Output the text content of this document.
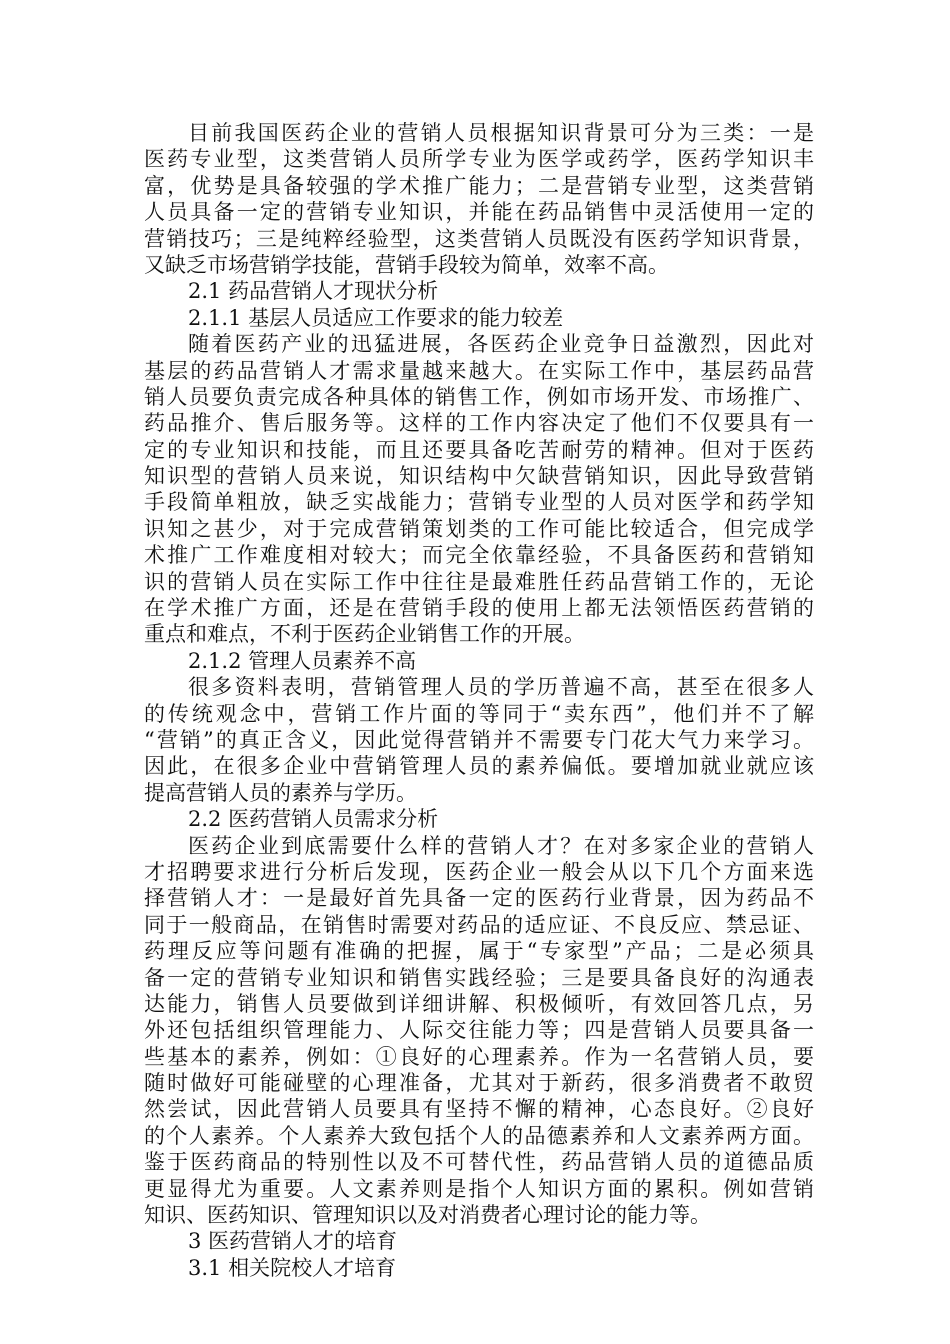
目前我国医药企业的营销人员根据知识背景可分为三类：一是
医药专业型，这类营销人员所学专业为医学或药学，医药学知识丰
富，优势是具备较强的学术推广能力；二是营销专业型，这类营销
人员具备一定的营销专业知识，并能在药品销售中灵活使用一定的
营销技巧；三是纯粹经验型，这类营销人员既没有医药学知识背景，
又缺乏市场营销学技能，营销手段较为简单，效率不高。
2.1 药品营销人才现状分析
2.1.1 基层人员适应工作要求的能力较差
随着医药产业的迅猛进展，各医药企业竞争日益激烈，因此对
基层的药品营销人才需求量越来越大。在实际工作中，基层药品营
销人员要负责完成各种具体的销售工作，例如市场开发、市场推广、
药品推介、售后服务等。这样的工作内容决定了他们不仅要具有一
定的专业知识和技能，而且还要具备吃苦耐劳的精神。但对于医药
知识型的营销人员来说，知识结构中欠缺营销知识，因此导致营销
手段简单粗放，缺乏实战能力；营销专业型的人员对医学和药学知
识知之甚少，对于完成营销策划类的工作可能比较适合，但完成学
术推广工作难度相对较大；而完全依靠经验，不具备医药和营销知
识的营销人员在实际工作中往往是最难胜任药品营销工作的，无论
在学术推广方面，还是在营销手段的使用上都无法领悟医药营销的
重点和难点，不利于医药企业销售工作的开展。
2.1.2 管理人员素养不高
很多资料表明，营销管理人员的学历普遍不高，甚至在很多人
的传统观念中，营销工作片面的等同于“卖东西”，他们并不了解
“营销”的真正含义，因此觉得营销并不需要专门花大气力来学习。
因此，在很多企业中营销管理人员的素养偏低。要增加就业就应该
提高营销人员的素养与学历。
2.2 医药营销人员需求分析
医药企业到底需要什么样的营销人才？在对多家企业的营销人
才招聘要求进行分析后发现，医药企业一般会从以下几个方面来选
择营销人才：一是最好首先具备一定的医药行业背景，因为药品不
同于一般商品，在销售时需要对药品的适应证、不良反应、禁忌证、
药理反应等问题有准确的把握，属于“专家型”产品；二是必须具
备一定的营销专业知识和销售实践经验；三是要具备良好的沟通表
达能力，销售人员要做到详细讲解、积极倾听，有效回答几点，另
外还包括组织管理能力、人际交往能力等；四是营销人员要具备一
些基本的素养，例如：①良好的心理素养。作为一名营销人员，要
随时做好可能碰壁的心理准备，尤其对于新药，很多消费者不敢贸
然尝试，因此营销人员要具有坚持不懈的精神，心态良好。②良好
的个人素养。个人素养大致包括个人的品德素养和人文素养两方面。
鉴于医药商品的特别性以及不可替代性，药品营销人员的道德品质
更显得尤为重要。人文素养则是指个人知识方面的累积。例如营销
知识、医药知识、管理知识以及对消费者心理讨论的能力等。
3 医药营销人才的培育
3.1 相关院校人才培育
